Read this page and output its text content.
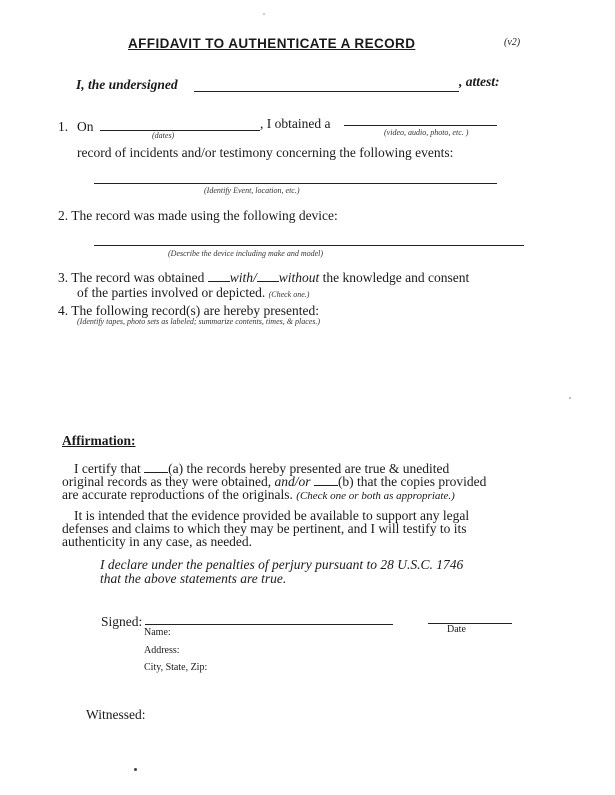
AFFIDAVIT TO AUTHENTICATE A RECORD	(v2)
I, the undersigned	, attest:
1. On
(dates)
, I obtained a
(video, audio, photo, etc. )
record of incidents and/or testimony concerning the following events:
(Identify Event, location, etc.)
2. The record was made using the following device:
(Describe the device including make and model)
3. The record was obtained with/ without the knowledge and consent
of the parties involved or depicted. (Check one.)
4. The following record(s) are hereby presented:
(Identify tapes, photo sets as labeled; summarize contents, times, & places.)
Affirmation:
I certify that (a) the records hereby presented are true & unedited
original records as they were obtained, and/or (b) that the copies provided
are accurate reproductions of the originals. (Check one or both as appropriate.)
It is intended that the evidence provided be available to support any legal
defenses and claims to which they may be pertinent, and I will testify to its
authenticity in any case, as needed.
I declare under the penalties of perjury pursuant to 28 U.S.C. 1746
that the above statements are true.
Signed:
Date
Name:
Address:
City, State, Zip:
Witnessed:
